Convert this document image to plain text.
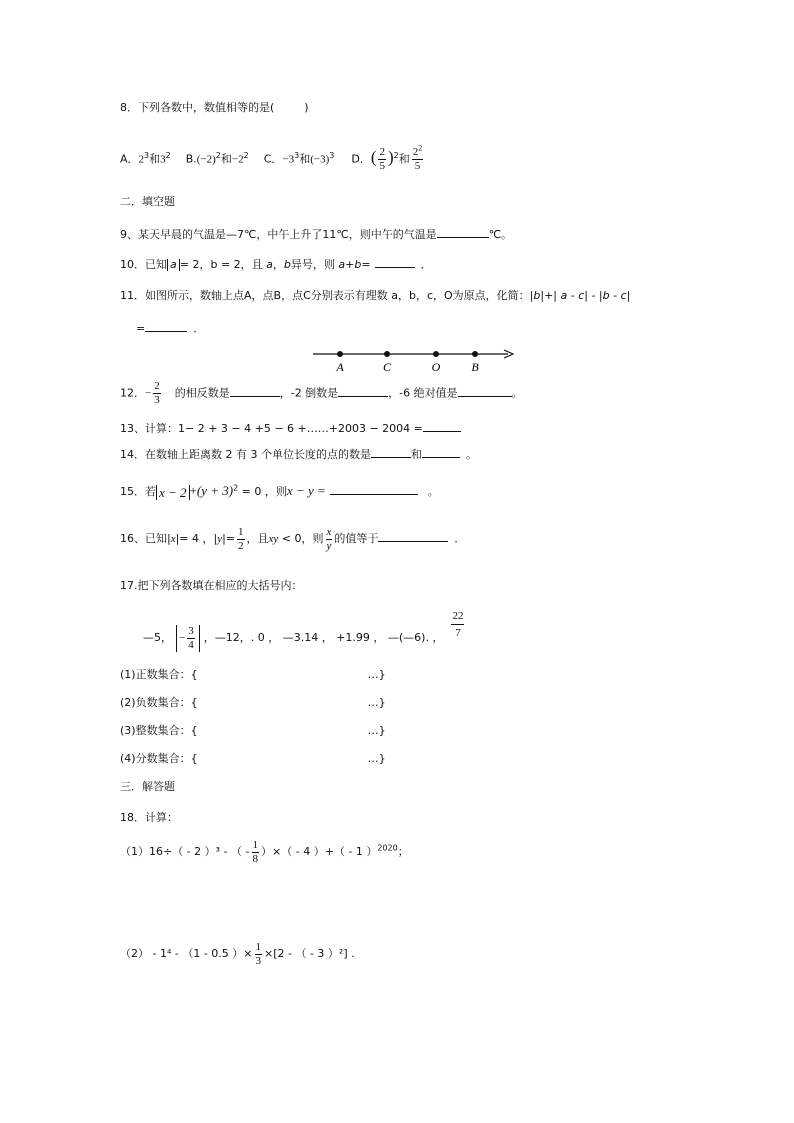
8．下列各数中，数值相等的是(	)
A．$2^3$和$3^2$ $B.(-2)^2$和$-2^2$ C．$-3^3$和$(-3)^3$ D．( $\frac{2}{5} )^2$和 $\frac{2^2}{5}$
二．填空题
9、某天早晨的气温是—7℃，中午上升了11℃，则中午的气温是	℃。
10．已知 a = 2，b = 2，且 a，b异号，则 a+b=	．
11．如图所示，数轴上点A，点B，点C分别表示有理数 a，b，c，O为原点，化简：|b|+| a - c| - |b - c|
=	．
A	C	O	B
12．− $\frac{2}{3}$ 的相反数是	，-2 倒数是	，-6 绝对值是	。
13、计算：1− 2 + 3 − 4 +5 − 6 +……+2003 − 2004 =
14．在数轴上距离数 2 有 3 个单位长度的点的数是	和	。
15．若 $x - 2 +(y + 3)^2 = 0$ ，则x − y =	。
16、已知|x|= 4 ，$|y|= \frac{1}{2}$ ，且xy < 0，则 $\frac{x}{y}$ 的值等于	．
17.把下列各数填在相应的大括号内：
—5， − $\frac{3}{4}$ ，—12，. 0 ， —3.14 ， +1.99 ， —(—6). ， $\frac{22}{7}$
(1)正数集合：{	…}
(2)负数集合：{	…}
(3)整数集合：{	…}
(4)分数集合：{	…}
三．解答题
18．计算：
（1）16÷（ - 2 ）³ - （ - $\frac{1}{8}$ ）×（ - 4 ）+（ - 1 ）$^{2020}$；
（2） - 1⁴ - （1 - 0.5 ）× $\frac{1}{3} \times[2$ - （ - 3 ）²] .
